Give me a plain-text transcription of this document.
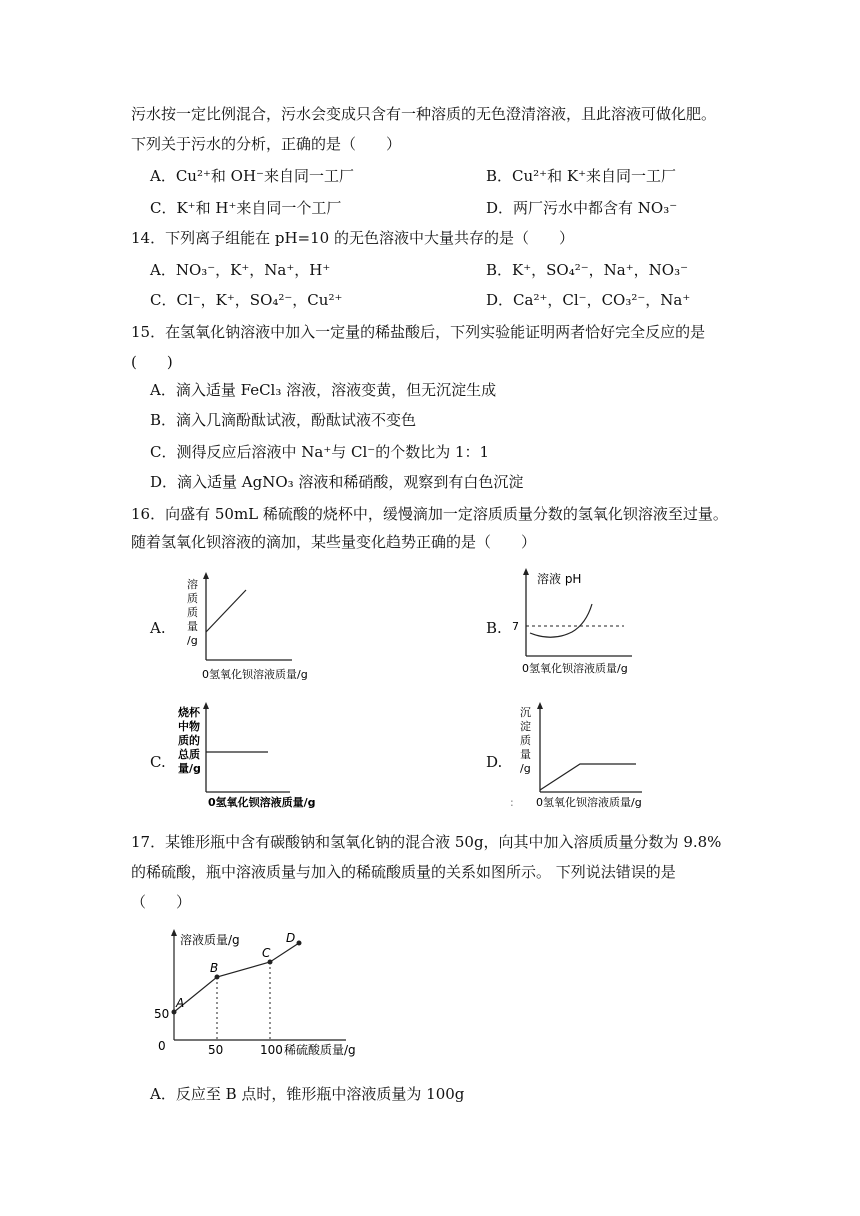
污水按一定比例混合，污水会变成只含有一种溶质的无色澄清溶液，且此溶液可做化肥。
下列关于污水的分析，正确的是（　　）
A．Cu²⁺和 OH⁻来自同一工厂	B．Cu²⁺和 K⁺来自同一工厂
C．K⁺和 H⁺来自同一个工厂	D．两厂污水中都含有 NO₃⁻
14．下列离子组能在 pH=10 的无色溶液中大量共存的是（　　）
A．NO₃⁻，K⁺，Na⁺，H⁺	B．K⁺，SO₄²⁻，Na⁺，NO₃⁻
C．Cl⁻，K⁺，SO₄²⁻，Cu²⁺	D．Ca²⁺，Cl⁻，CO₃²⁻，Na⁺
15．在氢氧化钠溶液中加入一定量的稀盐酸后，下列实验能证明两者恰好完全反应的是
(　　)
A．滴入适量 FeCl₃ 溶液，溶液变黄，但无沉淀生成
B．滴入几滴酚酞试液，酚酞试液不变色
C．测得反应后溶液中 Na⁺与 Cl⁻的个数比为 1：1
D．滴入适量 AgNO₃ 溶液和稀硝酸，观察到有白色沉淀
16．向盛有 50mL 稀硫酸的烧杯中，缓慢滴加一定溶质质量分数的氢氧化钡溶液至过量。
随着氢氧化钡溶液的滴加，某些量变化趋势正确的是（　　）
A.	B.
C.	D.
溶
质
质
量
/g
0氢氧化钡溶液质量/g
溶液 pH
7
0氢氧化钡溶液质量/g
烧杯
中物
质的
总质
量/g
0氢氧化钡溶液质量/g
沉
淀
质
量
/g
: 0氢氧化钡溶液质量/g
17．某锥形瓶中含有碳酸钠和氢氧化钠的混合液 50g，向其中加入溶质质量分数为 9.8%
的稀硫酸，瓶中溶液质量与加入的稀硫酸质量的关系如图所示。 下列说法错误的是
（　　）
溶液质量/g
A
B
C
D
50
0	50	100 稀硫酸质量/g
A．反应至 B 点时，锥形瓶中溶液质量为 100g
